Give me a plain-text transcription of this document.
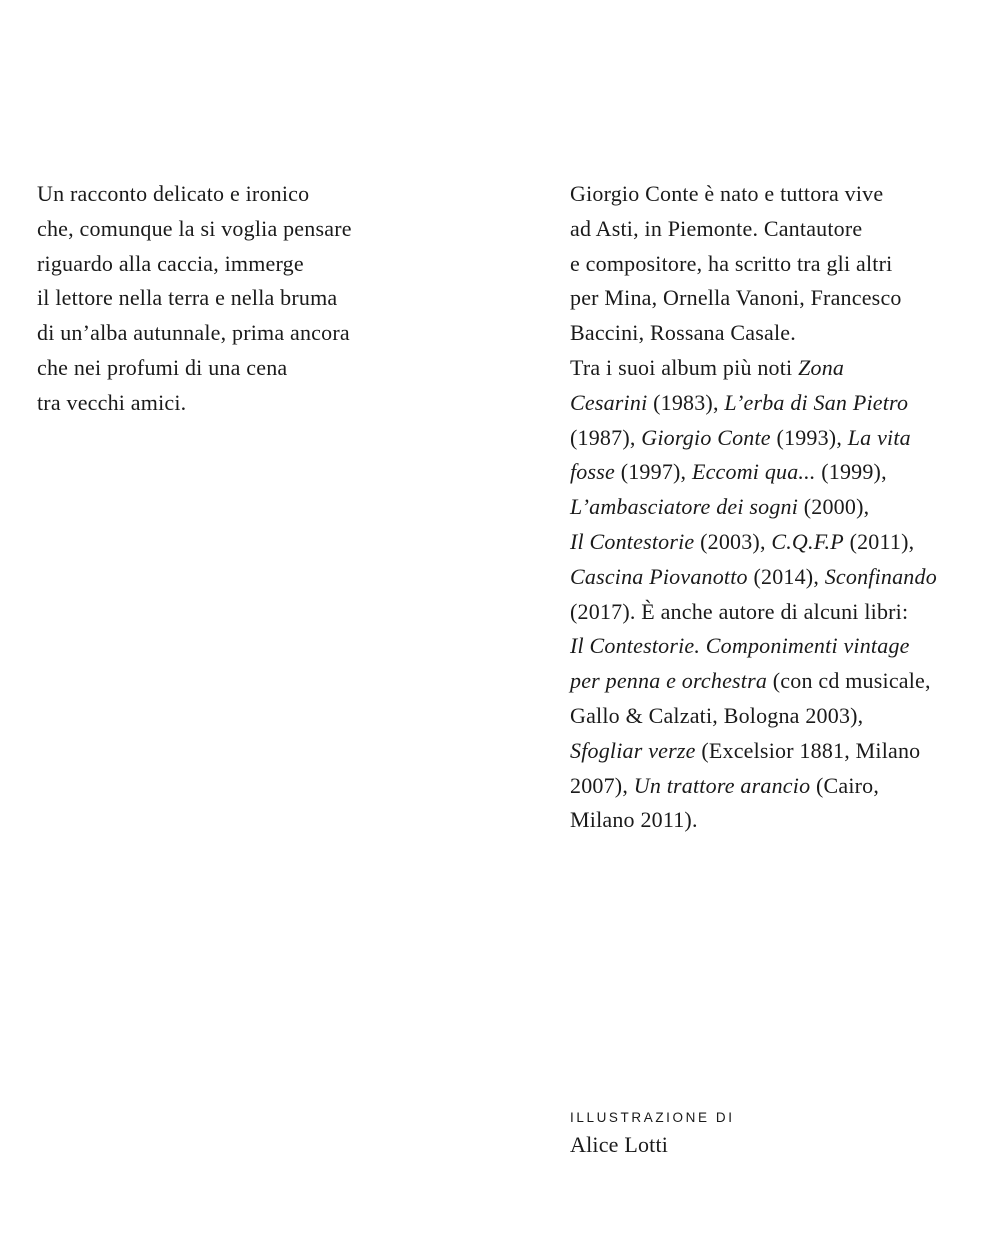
Un racconto delicato e ironico
che, comunque la si voglia pensare
riguardo alla caccia, immerge
il lettore nella terra e nella bruma
di un’alba autunnale, prima ancora
che nei profumi di una cena
tra vecchi amici.
Giorgio Conte è nato e tuttora vive
ad Asti, in Piemonte. Cantautore
e compositore, ha scritto tra gli altri
per Mina, Ornella Vanoni, Francesco
Baccini, Rossana Casale.
Tra i suoi album più noti Zona
Cesarini (1983), L’erba di San Pietro
(1987), Giorgio Conte (1993), La vita
fosse (1997), Eccomi qua... (1999),
L’ambasciatore dei sogni (2000),
Il Contestorie (2003), C.Q.F.P (2011),
Cascina Piovanotto (2014), Sconfinando
(2017). È anche autore di alcuni libri:
Il Contestorie. Componimenti vintage
per penna e orchestra (con cd musicale,
Gallo & Calzati, Bologna 2003),
Sfogliar verze (Excelsior 1881, Milano
2007), Un trattore arancio (Cairo,
Milano 2011).
ILLUSTRAZIONE DI
Alice Lotti
